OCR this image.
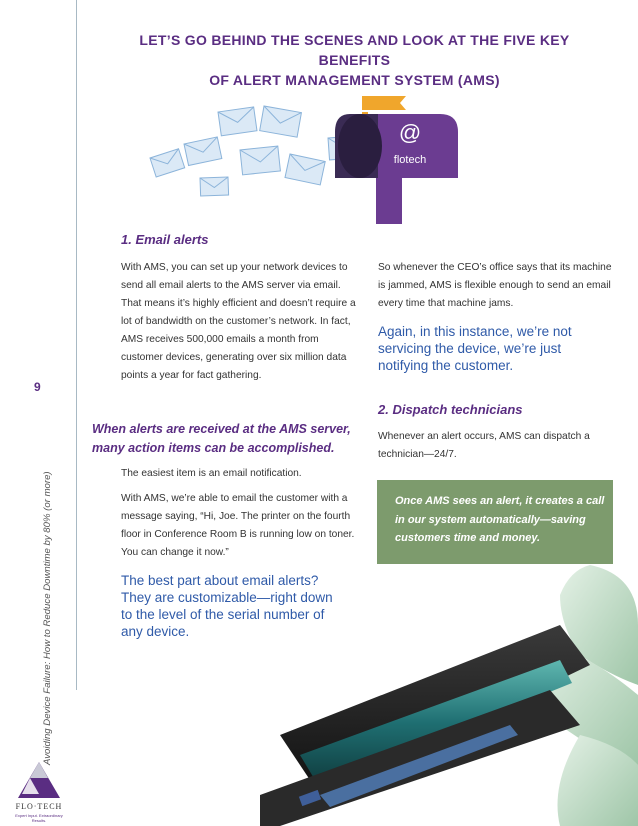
9
Avoiding Device Failure: How to Reduce Downtime by 80% (or more)
FLO·TECH
Expert Input. Extraordinary Results.
LET’S GO BEHIND THE SCENES AND LOOK AT THE FIVE KEY BENEFITS
OF ALERT MANAGEMENT SYSTEM (AMS)
@
flotech
1. Email alerts

With AMS, you can set up your network devices to send all email alerts to the AMS server via email. That means it’s highly efficient and doesn’t require a lot of bandwidth on the customer’s network. In fact, AMS receives 500,000 emails a month from customer devices, generating over six million data points a year for fact gathering.

When alerts are received at the AMS server, many action items can be accomplished.

The easiest item is an email notification.

With AMS, we’re able to email the customer with a message saying, “Hi, Joe. The printer on the fourth floor in Conference Room B is running low on toner. You can change it now.”

The best part about email alerts? They are customizable—right down to the level of the serial number of any device.

So whenever the CEO’s office says that its machine is jammed, AMS is flexible enough to send an email every time that machine jams.

Again, in this instance, we’re not servicing the device, we’re just notifying the customer.
2. Dispatch technicians

Whenever an alert occurs, AMS can dispatch a technician—24/7.

Once AMS sees an alert, it creates a call in our system automatically—saving customers time and money.
